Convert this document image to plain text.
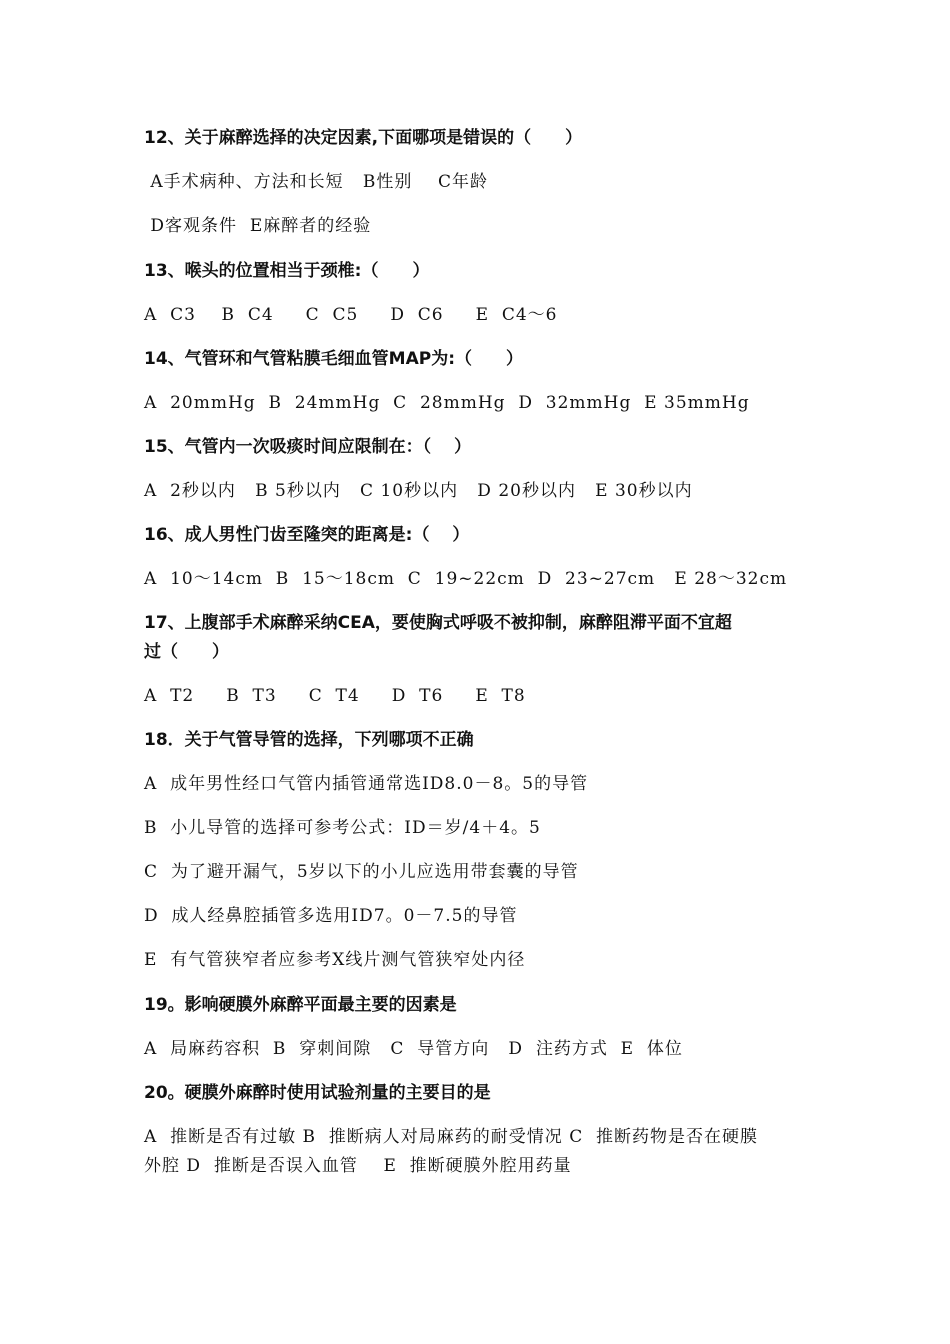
12、关于麻醉选择的决定因素,下面哪项是错误的（　　）

A手术病种、方法和长短   B性别    C年龄

D客观条件  E麻醉者的经验

13、喉头的位置相当于颈椎:（　　）

A  C3    B  C4     C  C5     D  C6     E  C4～6

14、气管环和气管粘膜毛细血管MAP为:（　　）

A  20mmHg  B  24mmHg  C  28mmHg  D  32mmHg  E 35mmHg

15、气管内一次吸痰时间应限制在：（　 ）

A  2秒以内   B 5秒以内   C 10秒以内   D 20秒以内   E 30秒以内

16、成人男性门齿至隆突的距离是:（　 ）

A  10～14cm  B  15～18cm  C  19~22cm  D  23~27cm   E 28～32cm

17、上腹部手术麻醉采纳CEA，要使胸式呼吸不被抑制，麻醉阻滞平面不宜超

过（　　）

A  T2     B  T3     C  T4     D  T6     E  T8

18．关于气管导管的选择，下列哪项不正确

A  成年男性经口气管内插管通常选ID8.0－8。5的导管

B  小儿导管的选择可参考公式：ID＝岁/4＋4。5

C  为了避开漏气，5岁以下的小儿应选用带套囊的导管

D  成人经鼻腔插管多选用ID7。0－7.5的导管

E  有气管狭窄者应参考X线片测气管狭窄处内径

19。影响硬膜外麻醉平面最主要的因素是

A  局麻药容积  B  穿刺间隙   C  导管方向   D  注药方式  E  体位

20。硬膜外麻醉时使用试验剂量的主要目的是

A  推断是否有过敏 B  推断病人对局麻药的耐受情况 C  推断药物是否在硬膜

外腔 D  推断是否误入血管    E  推断硬膜外腔用药量
